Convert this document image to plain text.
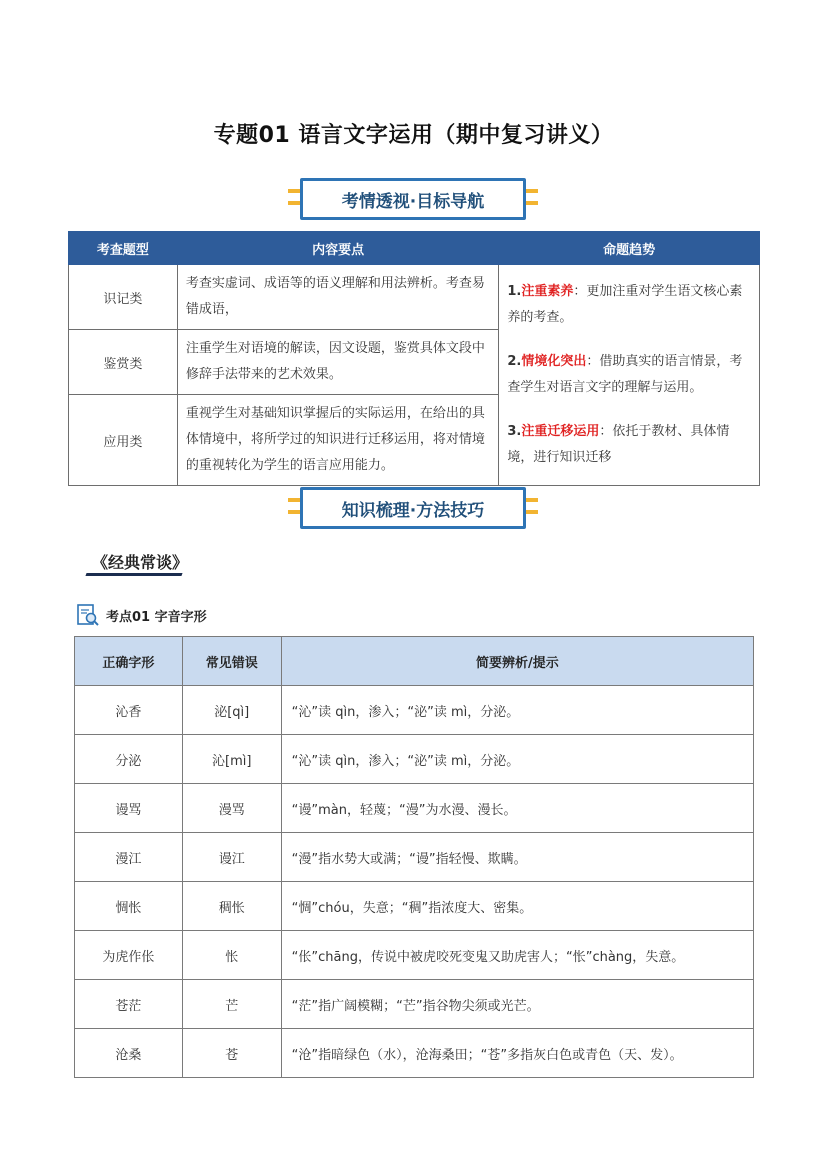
专题01 语言文字运用（期中复习讲义）
考情透视·目标导航
考查题型	内容要点	命题趋势
识记类	考查实虚词、成语等的语义理解和用法辨析。考查易错成语，	1.注重素养：更加注重对学生语文核心素养的考查。

2.情境化突出：借助真实的语言情景，考查学生对语言文字的理解与运用。

3.注重迁移运用：依托于教材、具体情境，进行知识迁移

鉴赏类	注重学生对语境的解读，因文设题，鉴赏具体文段中修辞手法带来的艺术效果。	
应用类	重视学生对基础知识掌握后的实际运用，在给出的具体情境中，将所学过的知识进行迁移运用，将对情境的重视转化为学生的语言应用能力。	
知识梳理·方法技巧
《经典常谈》
考点01 字音字形
正确字形	常见错误	简要辨析/提示
沁香	泌[qì]	“沁”读 qìn，渗入；“泌”读 mì，分泌。
分泌	沁[mì]	“沁”读 qìn，渗入；“泌”读 mì，分泌。
谩骂	漫骂	“谩”màn，轻蔑；“漫”为水漫、漫长。
漫江	谩江	“漫”指水势大或满；“谩”指轻慢、欺瞒。
惆怅	稠怅	“惆”chóu，失意；“稠”指浓度大、密集。
为虎作伥	怅	“伥”chāng，传说中被虎咬死变鬼又助虎害人；“怅”chàng，失意。
苍茫	芒	“茫”指广阔模糊；“芒”指谷物尖须或光芒。
沧桑	苍	“沧”指暗绿色（水），沧海桑田；“苍”多指灰白色或青色（天、发）。
